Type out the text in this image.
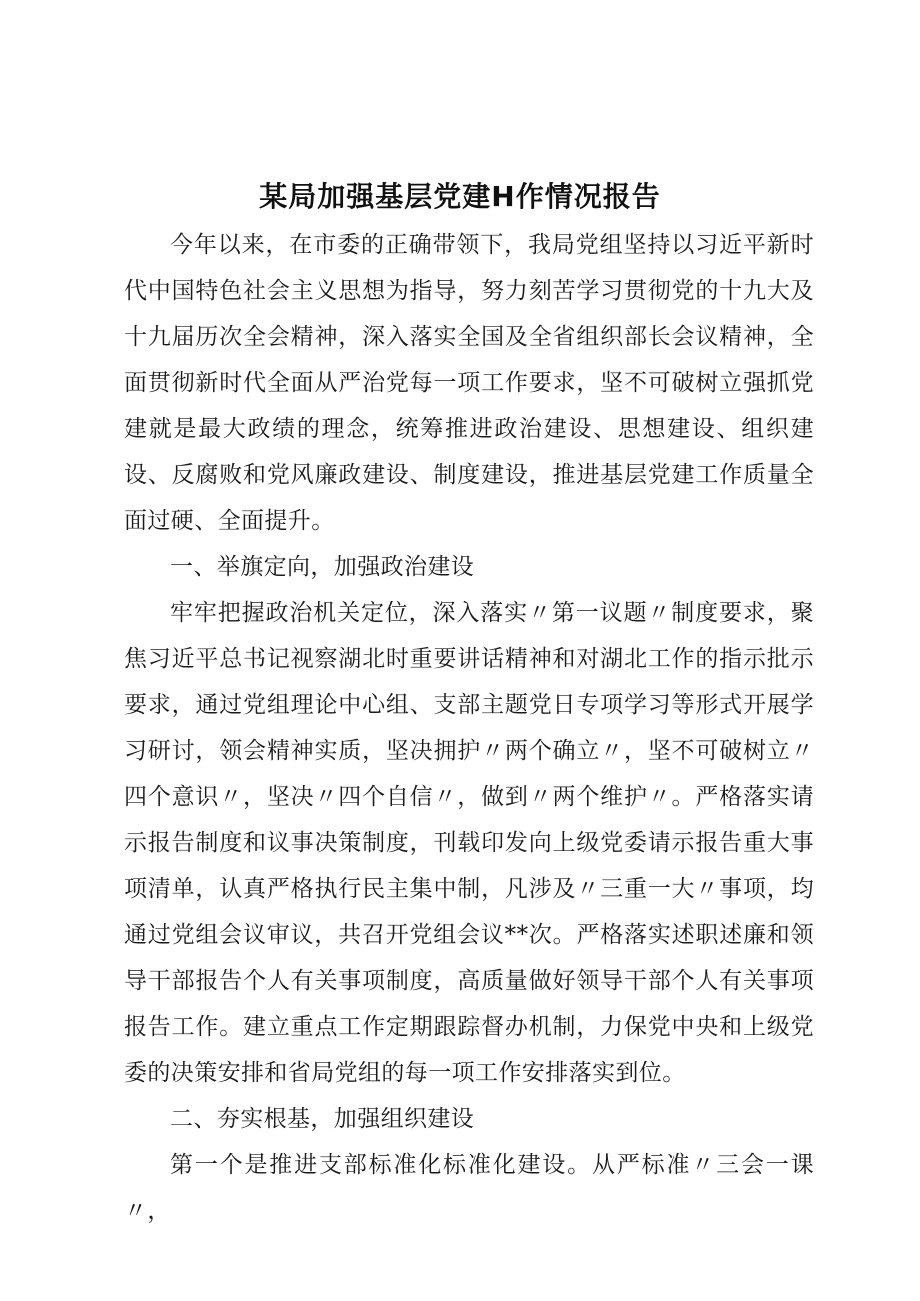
某局加强基层党建H作情况报告

今年以来，在市委的正确带领下，我局党组坚持以习近平新时代中国特色社会主义思想为指导，努力刻苦学习贯彻党的十九大及十九届历次全会精神，深入落实全国及全省组织部长会议精神，全面贯彻新时代全面从严治党每一项工作要求，坚不可破树立强抓党建就是最大政绩的理念，统筹推进政治建设、思想建设、组织建设、反腐败和党风廉政建设、制度建设，推进基层党建工作质量全面过硬、全面提升。

一、举旗定向，加强政治建设

牢牢把握政治机关定位，深入落实〃第一议题〃制度要求，聚焦习近平总书记视察湖北时重要讲话精神和对湖北工作的指示批示要求，通过党组理论中心组、支部主题党日专项学习等形式开展学习研讨，领会精神实质，坚决拥护〃两个确立〃，坚不可破树立〃四个意识〃，坚决〃四个自信〃，做到〃两个维护〃。严格落实请示报告制度和议事决策制度，刊载印发向上级党委请示报告重大事项清单，认真严格执行民主集中制，凡涉及〃三重一大〃事项，均通过党组会议审议，共召开党组会议**次。严格落实述职述廉和领导干部报告个人有关事项制度，高质量做好领导干部个人有关事项报告工作。建立重点工作定期跟踪督办机制，力保党中央和上级党委的决策安排和省局党组的每一项工作安排落实到位。

二、夯实根基，加强组织建设

第一个是推进支部标准化标准化建设。从严标准〃三会一课〃，
